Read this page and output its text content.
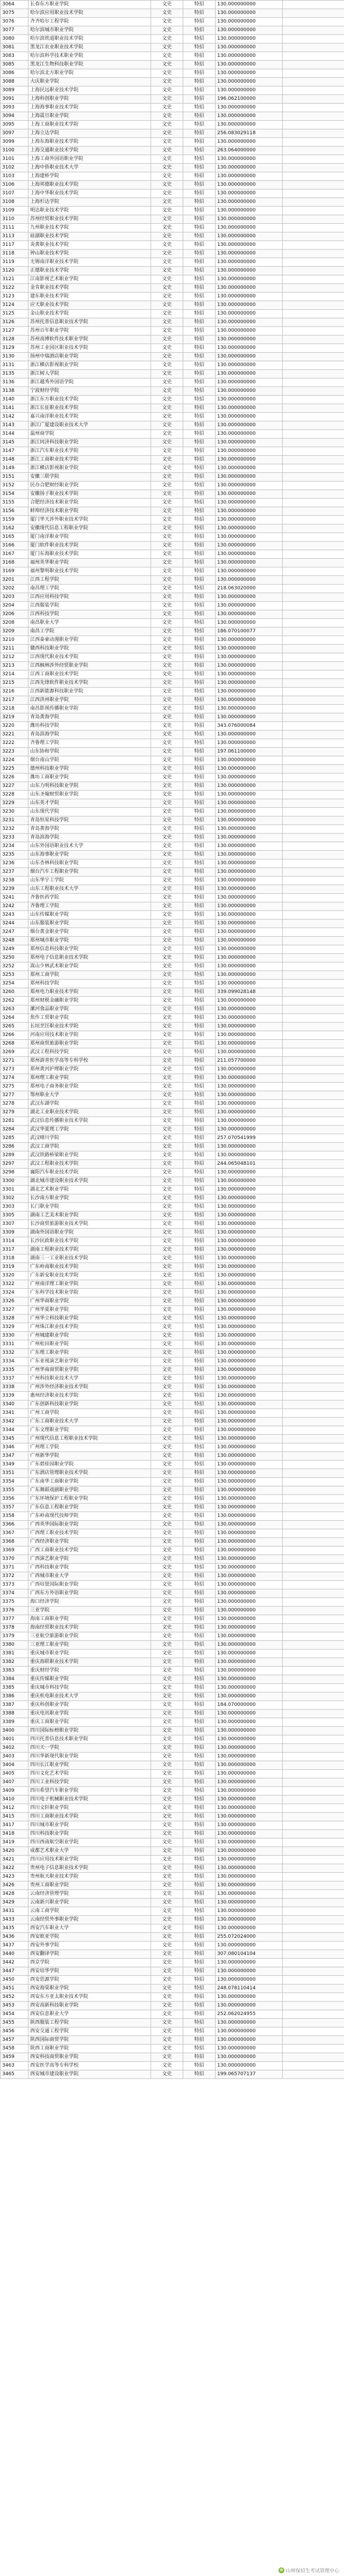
3064	长春东方职业学院	文史	特招	130.000000000	
3075	哈尔滨应用职业技术学院	文史	特招	130.000000000	
3076	齐齐哈尔工程学院	文史	特招	130.000000000	
3077	哈尔滨城市职业学院	文史	特招	130.000000000	
3080	哈尔滨铁道职业技术学院	文史	特招	130.000000000	
3081	黑龙江农业职业技术学院	文史	特招	130.000000000	
3083	哈尔滨科学技术职业学院	文史	特招	130.000000000	
3085	黑龙江生物科技职业学院	文史	特招	130.000000000	
3086	哈尔滨北方职业学院	文史	特招	130.000000000	
3088	大庆职业学院	文史	特招	130.000000000	
3089	上海民远职业技术学院	文史	特招	130.000000000	
3091	上海科创职业学院	文史	特招	196.062100000	
3093	上海海事职业技术学院	文史	特招	130.000000000	
3094	上海震旦职业学院	文史	特招	130.000000000	
3095	上海工商职业技术学院	文史	特招	130.000000000	
3097	上海立达学院	文史	特招	256.083029118	
3099	上海东海职业技术学院	文史	特招	130.000000000	
3100	上海交通职业技术学院	文史	特招	263.064000000	
3101	上海工商外国语职业学院	文史	特招	130.000000000	
3102	上海中侨职业技术大学	文史	特招	130.000000000	
3103	上海建桥学院	文史	特招	130.000000000	
3106	上海邦德职业技术学院	文史	特招	130.000000000	
3107	上海中华职业技术学院	文史	特招	130.000000000	
3108	上海杉达学院	文史	特招	130.000000000	
3109	明达职业技术学院	文史	特招	130.000000000	
3110	苏州经贸职业技术学院	文史	特招	130.000000000	
3111	九州职业技术学院	文史	特招	130.000000000	
3113	硅湖职业技术学院	文史	特招	130.000000000	
3117	炎黄职业技术学院	文史	特招	130.000000000	
3118	钟山职业技术学院	文史	特招	130.000000000	
3119	无锡南洋职业技术学院	文史	特招	130.000000000	
3120	正德职业技术学院	文史	特招	130.000000000	
3121	江南影视艺术职业学院	文史	特招	130.000000000	
3122	金肯职业技术学院	文史	特招	130.000000000	
3123	建东职业技术学院	文史	特招	130.000000000	
3124	应天职业技术学院	文史	特招	130.000000000	
3125	金山职业技术学院	文史	特招	130.000000000	
3126	苏州托普信息职业技术学院	文史	特招	130.000000000	
3127	苏州百年职业学院	文史	特招	130.000000000	
3128	苏州高博软件技术职业学院	文史	特招	130.000000000	
3129	苏州工业园区职业技术学院	文史	特招	130.000000000	
3130	扬州中瑞酒店职业学院	文史	特招	130.000000000	
3131	浙江横店影视职业学院	文史	特招	130.000000000	
3135	浙江树人学院	文史	特招	130.000000000	
3136	浙江越秀外国语学院	文史	特招	130.000000000	
3138	宁波财经学院	文史	特招	130.000000000	
3140	浙江东方职业技术学院	文史	特招	130.000000000	
3141	浙江长征职业技术学院	文史	特招	130.000000000	
3142	嘉兴南洋职业技术学院	文史	特招	130.000000000	
3143	浙江广厦建设职业技术大学	文史	特招	130.000000000	
3144	温州商学院	文史	特招	130.000000000	
3145	浙江同济科技职业学院	文史	特招	130.000000000	
3147	浙江汽车职业技术学院	文史	特招	130.000000000	
3148	浙江工商职业技术学院	文史	特招	130.000000000	
3149	浙江横店影视职业学院	文史	特招	130.000000000	
3151	安徽三联学院	文史	特招	130.000000000	
3152	民办合肥财经职业学院	文史	特招	130.000000000	
3154	安徽扬子职业技术学院	文史	特招	130.000000000	
3155	合肥经济技术职业学院	文史	特招	130.000000000	
3156	蚌埠经济技术职业学院	文史	特招	130.000000000	
3159	厦门华天涉外职业技术学院	文史	特招	130.000000000	
3162	安徽现代信息工程职业学院	文史	特招	130.000000000	
3165	厦门南洋职业学院	文史	特招	130.000000000	
3166	厦门软件职业技术学院	文史	特招	130.000000000	
3167	厦门东海职业技术学院	文史	特招	130.000000000	
3168	福州英华职业学院	文史	特招	130.000000000	
3169	福州黎明职业技术学院	文史	特招	130.000000000	
3201	江西工程学院	文史	特招	130.000000000	
3202	南昌理工学院	文史	特招	218.063020000	
3203	江西应用科技学院	文史	特招	130.000000000	
3204	江西服装学院	文史	特招	130.000000000	
3206	江西科技学院	文史	特招	130.000000000	
3208	南昌职业大学	文史	特招	130.000000000	
3209	南昌工学院	文史	特招	186.070100077	
3210	江西泰豪动漫职业学院	文史	特招	130.000000000	
3211	赣西科技职业学院	文史	特招	130.000000000	
3212	江西现代职业技术学院	文史	特招	130.000000000	
3213	江西枫林涉外经贸职业学院	文史	特招	130.000000000	
3214	江西工商职业技术学院	文史	特招	130.000000000	
3215	江西先锋软件职业技术学院	文史	特招	130.000000000	
3216	江西新能源科技职业学院	文史	特招	130.000000000	
3217	江西洪州职业学院	文史	特招	130.000000000	
3218	南昌影视传播职业学院	文史	特招	130.000000000	
3219	青岛黄海学院	文史	特招	130.000000000	
3220	潍坊科技学院	文史	特招	343.076000084	
3221	青岛滨海学院	文史	特招	130.000000000	
3222	齐鲁理工学院	文史	特招	130.000000000	
3223	山东协和学院	文史	特招	197.061100000	
3224	烟台南山学院	文史	特招	130.000000000	
3225	德州科技职业学院	文史	特招	130.000000000	
3226	潍坊工商职业学院	文史	特招	130.000000000	
3227	山东力明科技职业学院	文史	特招	130.000000000	
3228	山东圣翰财贸职业学院	文史	特招	130.000000000	
3229	山东英才学院	文史	特招	130.000000000	
3230	山东现代学院	文史	特招	130.000000000	
3231	青岛恒星科技学院	文史	特招	130.000000000	
3232	青岛黄海学院	文史	特招	130.000000000	
3233	青岛滨海学院	文史	特招	130.000000000	
3234	山东外国语职业技术大学	文史	特招	130.000000000	
3235	山东海事职业学院	文史	特招	130.000000000	
3236	山东杏林科技职业学院	文史	特招	130.000000000	
3237	烟台汽车工程职业学院	文史	特招	130.000000000	
3238	山东华宇工学院	文史	特招	130.000000000	
3239	山东工程职业技术大学	文史	特招	130.000000000	
3241	齐鲁医药学院	文史	特招	130.000000000	
3242	齐鲁理工学院	文史	特招	130.000000000	
3243	山东传媒职业学院	文史	特招	130.000000000	
3244	山东服装职业学院	文史	特招	130.000000000	
3247	烟台黄金职业学院	文史	特招	130.000000000	
3248	郑州城市职业学院	文史	特招	130.000000000	
3249	郑州信息科技职业学院	文史	特招	130.000000000	
3250	郑州电子信息职业技术学院	文史	特招	130.000000000	
3252	嵩山少林武术职业学院	文史	特招	130.000000000	
3253	郑州工商学院	文史	特招	130.000000000	
3254	郑州科技学院	文史	特招	130.000000000	
3260	郑州电力职业技术学院	文史	特招	339.099028148	
3262	郑州财税金融职业学院	文史	特招	130.000000000	
3263	漯河食品职业学院	文史	特招	130.000000000	
3264	焦作工贸职业学院	文史	特招	130.000000000	
3265	长垣烹饪职业技术学院	文史	特招	130.000000000	
3266	河南应用技术职业学院	文史	特招	130.000000000	
3268	郑州商贸旅游职业学院	文史	特招	130.000000000	
3269	武汉工程科技学院	文史	特招	130.000000000	
3271	郑州澍青医学高等专科学校	文史	特招	211.057700000	
3273	郑州黄河护理职业学院	文史	特招	130.000000000	
3274	郑州理工职业学院	文史	特招	130.000000000	
3275	郑州电子商务职业学院	文史	特招	130.000000000	
3277	鄂州职业大学	文史	特招	130.000000000	
3278	武汉东湖学院	文史	特招	130.000000000	
3279	湖北工业职业技术学院	文史	特招	130.000000000	
3281	武汉信息传播职业技术学院	文史	特招	130.000000000	
3284	武汉华夏理工学院	文史	特招	130.000000000	
3285	武汉晴川学院	文史	特招	257.070541999	
3286	武汉工商学院	文史	特招	130.000000000	
3289	武汉铁路桥梁职业学院	文史	特招	130.000000000	
3297	武汉工程职业技术学院	文史	特招	244.065048101	
3298	襄阳汽车职业技术学院	文史	特招	130.000000000	
3300	湖北城市建设职业技术学院	文史	特招	130.000000000	
3301	湖北艺术职业学院	文史	特招	130.000000000	
3302	长沙南方职业学院	文史	特招	130.000000000	
3303	长门职业学院	文史	特招	130.000000000	
3305	湖南工艺美术职业学院	文史	特招	130.000000000	
3307	长沙商贸旅游职业技术学院	文史	特招	130.000000000	
3309	湖南外国语职业学院	文史	特招	130.000000000	
3314	长沙民政职业技术学院	文史	特招	130.000000000	
3317	湖南工程职业技术学院	文史	特招	130.000000000	
3318	湖南三一工业职业技术学院	文史	特招	130.000000000	
3319	广东岭南职业技术学院	文史	特招	130.000000000	
3320	广东新安职业技术学院	文史	特招	130.000000000	
3322	广州南洋理工职业学院	文史	特招	130.000000000	
3324	广东科学技术职业学院	文史	特招	130.000000000	
3326	广州华商职业学院	文史	特招	130.000000000	
3327	广州华夏职业学院	文史	特招	130.000000000	
3328	广州华立科技职业学院	文史	特招	130.000000000	
3329	广州珠江职业技术学院	文史	特招	130.000000000	
3330	广州城建职业学院	文史	特招	130.000000000	
3331	广州松田职业学院	文史	特招	130.000000000	
3332	广东理工职业学院	文史	特招	130.000000000	
3334	广东亚视演艺职业学院	文史	特招	130.000000000	
3335	广州华南商贸职业学院	文史	特招	130.000000000	
3337	广州科技职业技术大学	文史	特招	130.000000000	
3338	广州涉外经济职业技术学院	文史	特招	130.000000000	
3339	惠州经济职业技术学院	文史	特招	130.000000000	
3340	广东创新科技职业学院	文史	特招	130.000000000	
3341	广州工商学院	文史	特招	130.000000000	
3342	广东工商职业技术大学	文史	特招	130.000000000	
3344	广东文理职业学院	文史	特招	130.000000000	
3345	广州现代信息工程职业技术学院	文史	特招	130.000000000	
3346	广州理工学院	文史	特招	130.000000000	
3347	广州新华学院	文史	特招	130.000000000	
3349	广东碧桂园职业学院	文史	特招	130.000000000	
3351	广东酒店管理职业技术学院	文史	特招	130.000000000	
3354	广东南华工商职业学院	文史	特招	130.000000000	
3355	广东舞蹈戏剧职业学院	文史	特招	130.000000000	
3356	广东环境保护工程职业学院	文史	特招	130.000000000	
3357	广东信息工程职业学院	文史	特招	130.000000000	
3358	广东岭南现代技师学院	文史	特招	130.000000000	
3366	广西英华国际职业学院	文史	特招	130.000000000	
3367	广西理工职业技术学院	文史	特招	130.000000000	
3368	广西经济职业学院	文史	特招	130.000000000	
3369	广西工商职业技术学院	文史	特招	130.000000000	
3370	广西演艺职业学院	文史	特招	130.000000000	
3371	广西科技职业学院	文史	特招	130.000000000	
3372	广西城市职业大学	文史	特招	130.000000000	
3373	广西培贤国际职业学院	文史	特招	130.000000000	
3374	广西东方外语职业学院	文史	特招	130.000000000	
3375	海口经济学院	文史	特招	130.000000000	
3376	三亚学院	文史	特招	130.000000000	
3377	海南工商职业学院	文史	特招	130.000000000	
3378	海南经贸职业技术学院	文史	特招	130.000000000	
3379	三亚航空旅游职业学院	文史	特招	130.000000000	
3380	三亚理工职业学院	文史	特招	130.000000000	
3381	重庆城市职业学院	文史	特招	130.000000000	
3382	重庆海联职业技术学院	文史	特招	130.000000000	
3383	重庆财经学院	文史	特招	130.000000000	
3384	重庆传媒职业学院	文史	特招	130.000000000	
3385	重庆城市科技学院	文史	特招	130.000000000	
3386	重庆机电职业技术大学	文史	特招	130.000000000	
3387	重庆科创职业学院	文史	特招	184.070000000	
3388	重庆电讯职业学院	文史	特招	130.000000000	
3389	重庆工商职业学院	文史	特招	130.000000000	
3400	四川国际标榜职业学院	文史	特招	130.000000000	
3401	四川托普信息技术职业学院	文史	特招	130.000000000	
3402	四川天一学院	文史	特招	130.000000000	
3403	四川华新现代职业学院	文史	特招	130.000000000	
3404	四川长江职业学院	文史	特招	130.000000000	
3405	四川文化艺术学院	文史	特招	130.000000000	
3407	四川工业科技学院	文史	特招	130.000000000	
3409	四川希望汽车职业学院	文史	特招	130.000000000	
3410	四川电子机械职业技术学院	文史	特招	130.000000000	
3412	四川文轩职业学院	文史	特招	130.000000000	
3415	四川工商职业技术学院	文史	特招	130.000000000	
3417	四川城市职业学院	文史	特招	130.000000000	
3418	四川科技职业学院	文史	特招	130.000000000	
3419	四川西南航空职业学院	文史	特招	130.000000000	
3420	成都艺术职业大学	文史	特招	130.000000000	
3421	四川应用技术职业学院	文史	特招	130.000000000	
3422	贵州电子信息职业技术学院	文史	特招	130.000000000	
3423	贵州航天职业技术学院	文史	特招	130.000000000	
3426	贵州工商职业学院	文史	特招	130.000000000	
3428	云南经济管理学院	文史	特招	130.000000000	
3429	云南新兴职业学院	文史	特招	130.000000000	
3431	云南工商学院	文史	特招	130.000000000	
3433	云南经贸外事职业学院	文史	特招	130.000000000	
3435	西安汽车职业大学	文史	特招	130.000000000	
3436	西安欧亚学院	文史	特招	255.072024000	
3437	西安外事学院	文史	特招	130.000000000	
3440	西安翻译学院	文史	特招	307.080104104	
3442	西京学院	文史	特招	130.000000000	
3447	西安培华学院	文史	特招	130.000000000	
3450	西安思源学院	文史	特招	130.000000000	
3451	西安海棠职业学院	文史	特招	248.078110414	
3452	西安东方亚太职业技术学院	文史	特招	130.000000000	
3453	西安高新科技职业学院	文史	特招	130.000000000	
3454	西安信息职业大学	文史	特招	252.062024955	
3455	陕西服装工程学院	文史	特招	130.000000000	
3456	西安交通工程学院	文史	特招	130.000000000	
3457	陕西国际商贸学院	文史	特招	130.000000000	
3458	陕西工商职业学院	文史	特招	130.000000000	
3459	西安科技商贸职业学院	文史	特招	130.000000000	
3463	西安医学高等专科学校	文史	特招	130.000000000	
3465	西安城市建设职业学院	文史	特招	199.065707137	
✿ 山师保招生考试管理中心
